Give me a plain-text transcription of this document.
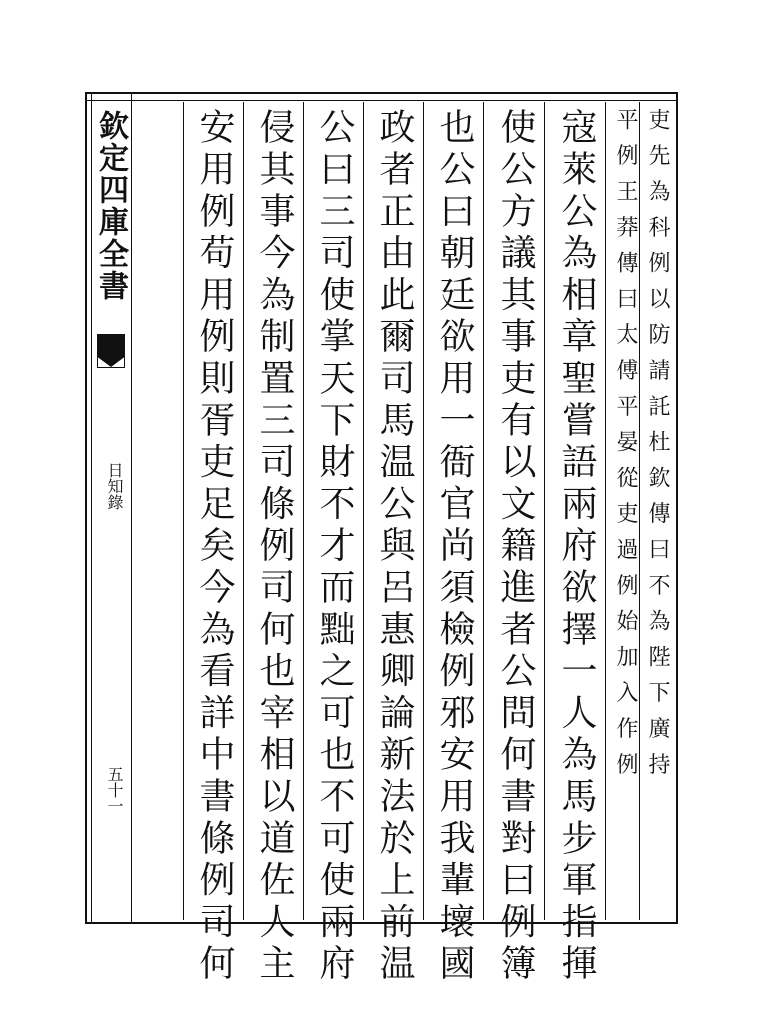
欽定四庫全書
日知錄
五十一
吏先為科例以防請託杜欽傳曰不為陛下廣持
平例王莽傳曰太傅平晏從吏過例始加入作例
寇萊公為相章聖嘗語兩府欲擇一人為馬步軍指揮
使公方議其事吏有以文籍進者公問何書對曰例簿
也公曰朝廷欲用一衙官尚須檢例邪安用我輩壞國
政者正由此爾司馬温公與呂惠卿論新法於上前温
公曰三司使掌天下財不才而黜之可也不可使兩府
侵其事今為制置三司條例司何也宰相以道佐人主
安用例苟用例則胥吏足矣今為看詳中書條例司何
